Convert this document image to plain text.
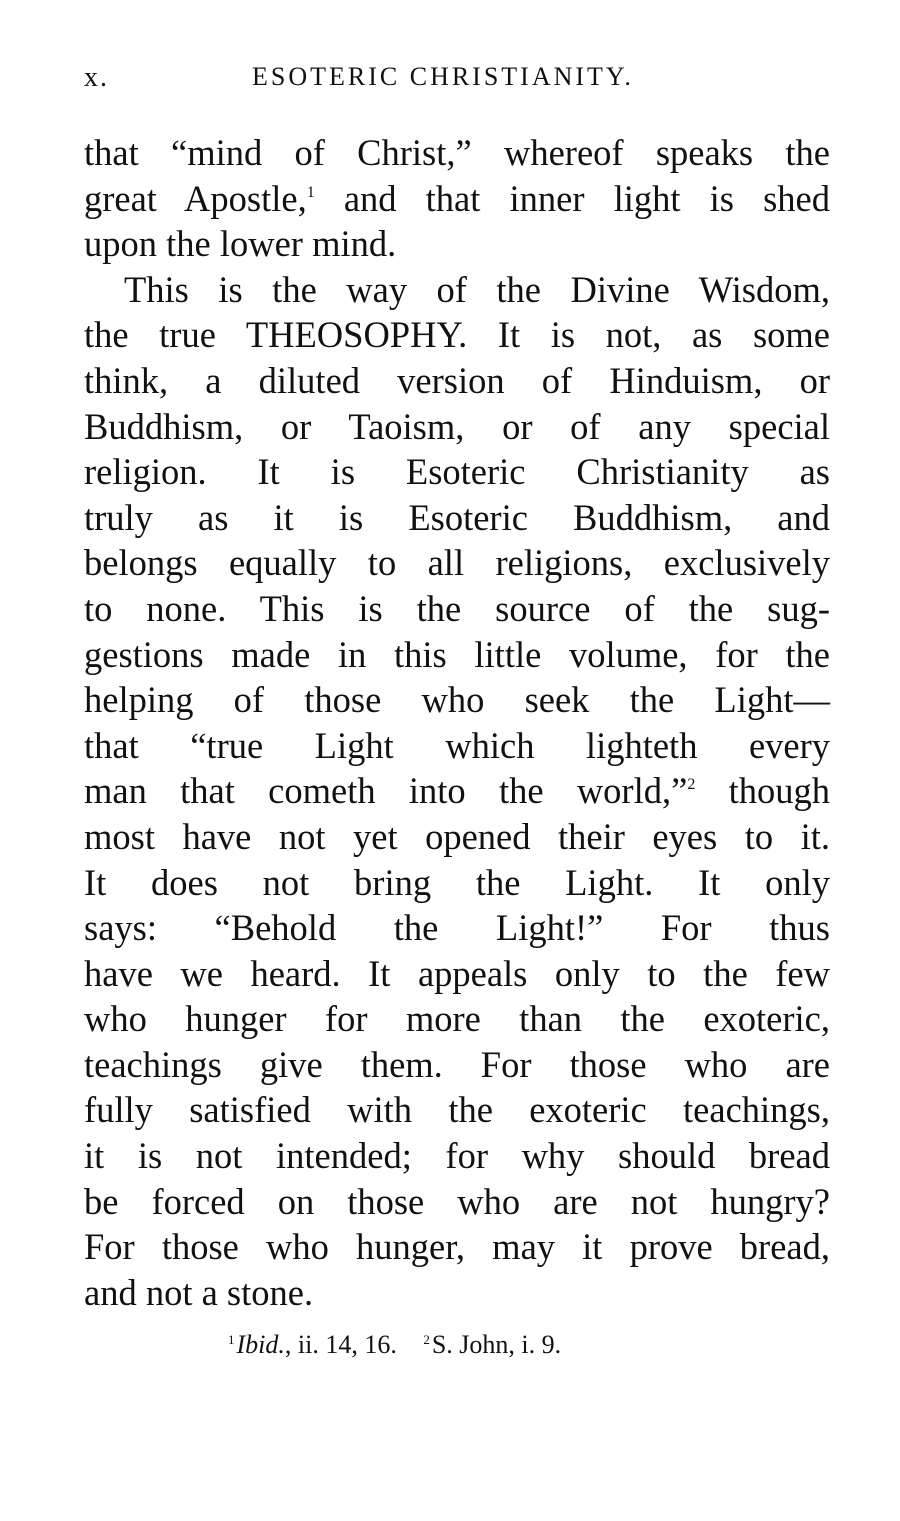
x.	ESOTERIC CHRISTIANITY.
that “mind of Christ,” whereof speaks the
great Apostle,$^1$ and that inner light is shed
upon the lower mind.
This is the way of the Divine Wisdom,
the true THEOSOPHY. It is not, as some
think, a diluted version of Hinduism, or
Buddhism, or Taoism, or of any special
religion. It is Esoteric Christianity as
truly as it is Esoteric Buddhism, and
belongs equally to all religions, exclusively
to none. This is the source of the sug-
gestions made in this little volume, for the
helping of those who seek the Light—
that “true Light which lighteth every
man that cometh into the world,”$^2$ though
most have not yet opened their eyes to it.
It does not bring the Light. It only
says: “Behold the Light!” For thus
have we heard. It appeals only to the few
who hunger for more than the exoteric,
teachings give them. For those who are
fully satisfied with the exoteric teachings,
it is not intended; for why should bread
be forced on those who are not hungry?
For those who hunger, may it prove bread,
and not a stone.
$^1$Ibid., ii. 14, 16. $^2$S. John, i. 9.
